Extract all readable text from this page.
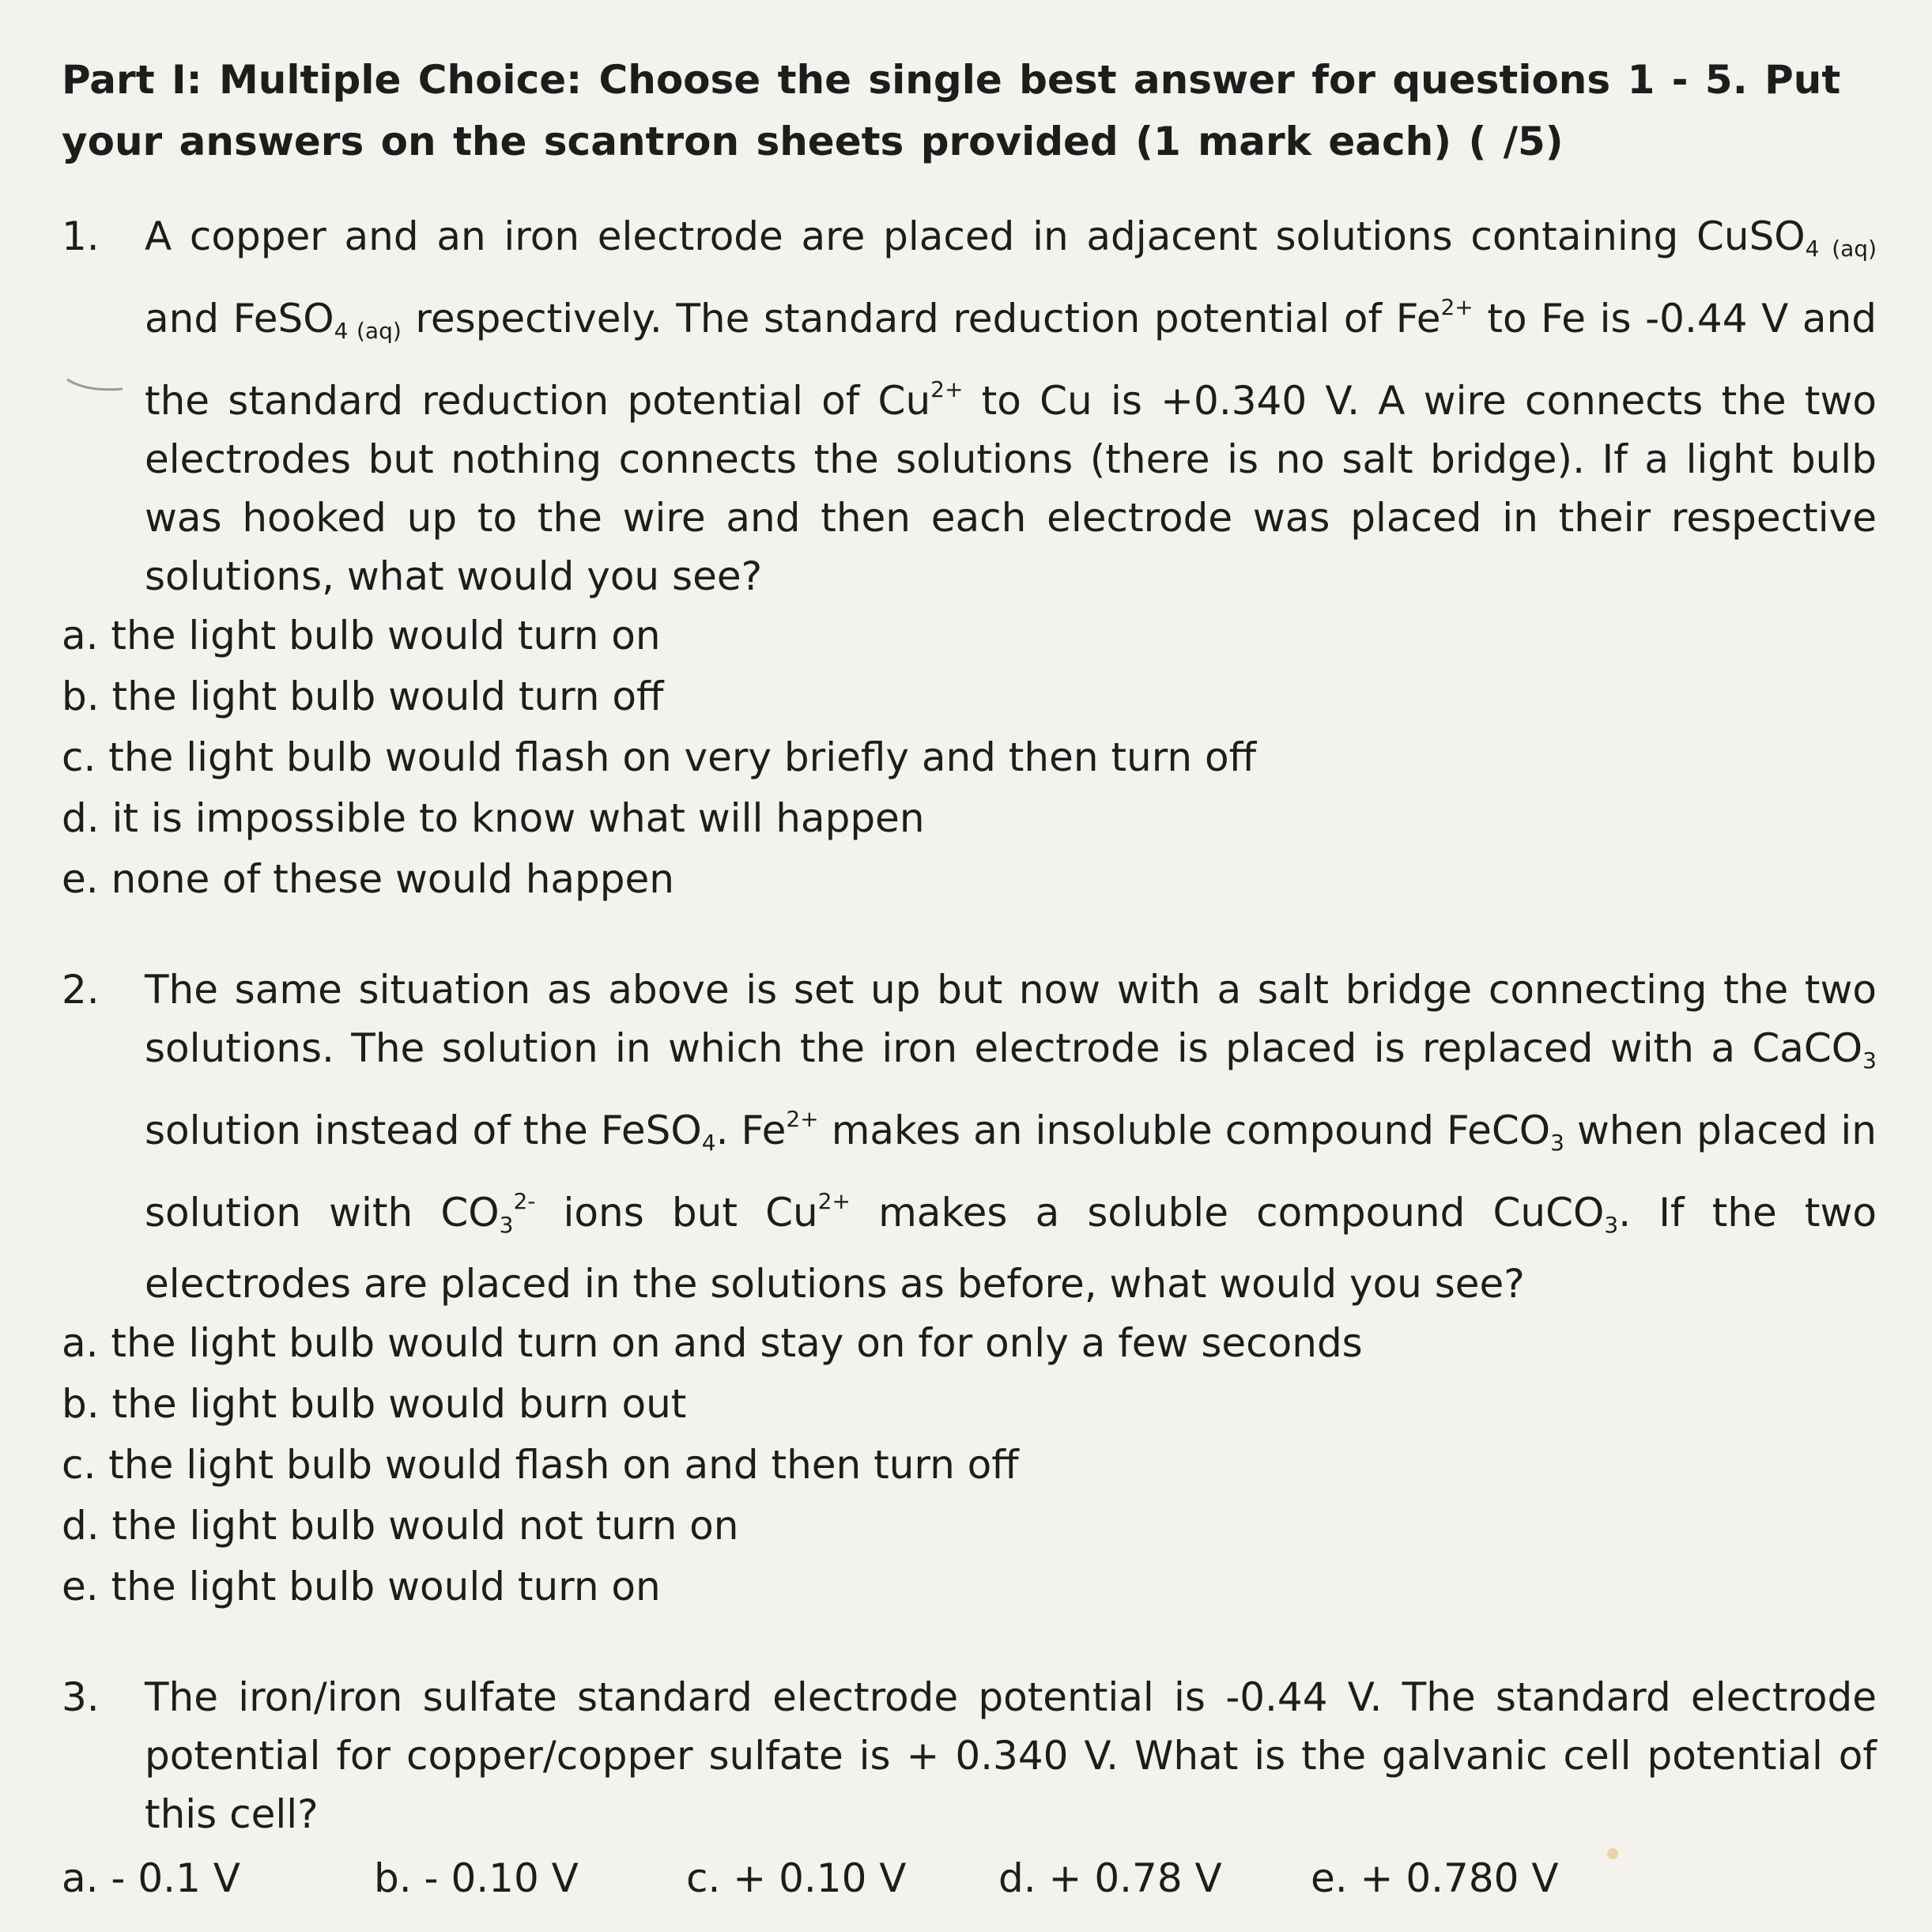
Part I: Multiple Choice: Choose the single best answer for questions 1 - 5. Put your answers on the scantron sheets provided (1 mark each) ( /5)
1.	A copper and an iron electrode are placed in adjacent solutions containing CuSO$_{4 (aq)}$ and FeSO$_{4 (aq)}$ respectively. The standard reduction potential of $Fe^{2+}$ to Fe is -0.44 V and the standard reduction potential of $Cu^{2+}$ to Cu is +0.340 V. A wire connects the two electrodes but nothing connects the solutions (there is no salt bridge). If a light bulb was hooked up to the wire and then each electrode was placed in their respective solutions, what would you see?
a. the light bulb would turn on
b. the light bulb would turn off
c. the light bulb would flash on very briefly and then turn off
d. it is impossible to know what will happen
e. none of these would happen
2.	The same situation as above is set up but now with a salt bridge connecting the two solutions. The solution in which the iron electrode is placed is replaced with a CaCO$_3$ solution instead of the FeSO$_4$. $Fe^{2+}$ makes an insoluble compound FeCO$_3$ when placed in solution with $CO_3^{2-}$ ions but $Cu^{2+}$ makes a soluble compound CuCO$_3$. If the two electrodes are placed in the solutions as before, what would you see?
a. the light bulb would turn on and stay on for only a few seconds
b. the light bulb would burn out
c. the light bulb would flash on and then turn off
d. the light bulb would not turn on
e. the light bulb would turn on
3.	The iron/iron sulfate standard electrode potential is -0.44 V. The standard electrode potential for copper/copper sulfate is + 0.340 V. What is the galvanic cell potential of this cell?
a. - 0.1 V	b. - 0.10 V	c. + 0.10 V	d. + 0.78 V	e. + 0.780 V
